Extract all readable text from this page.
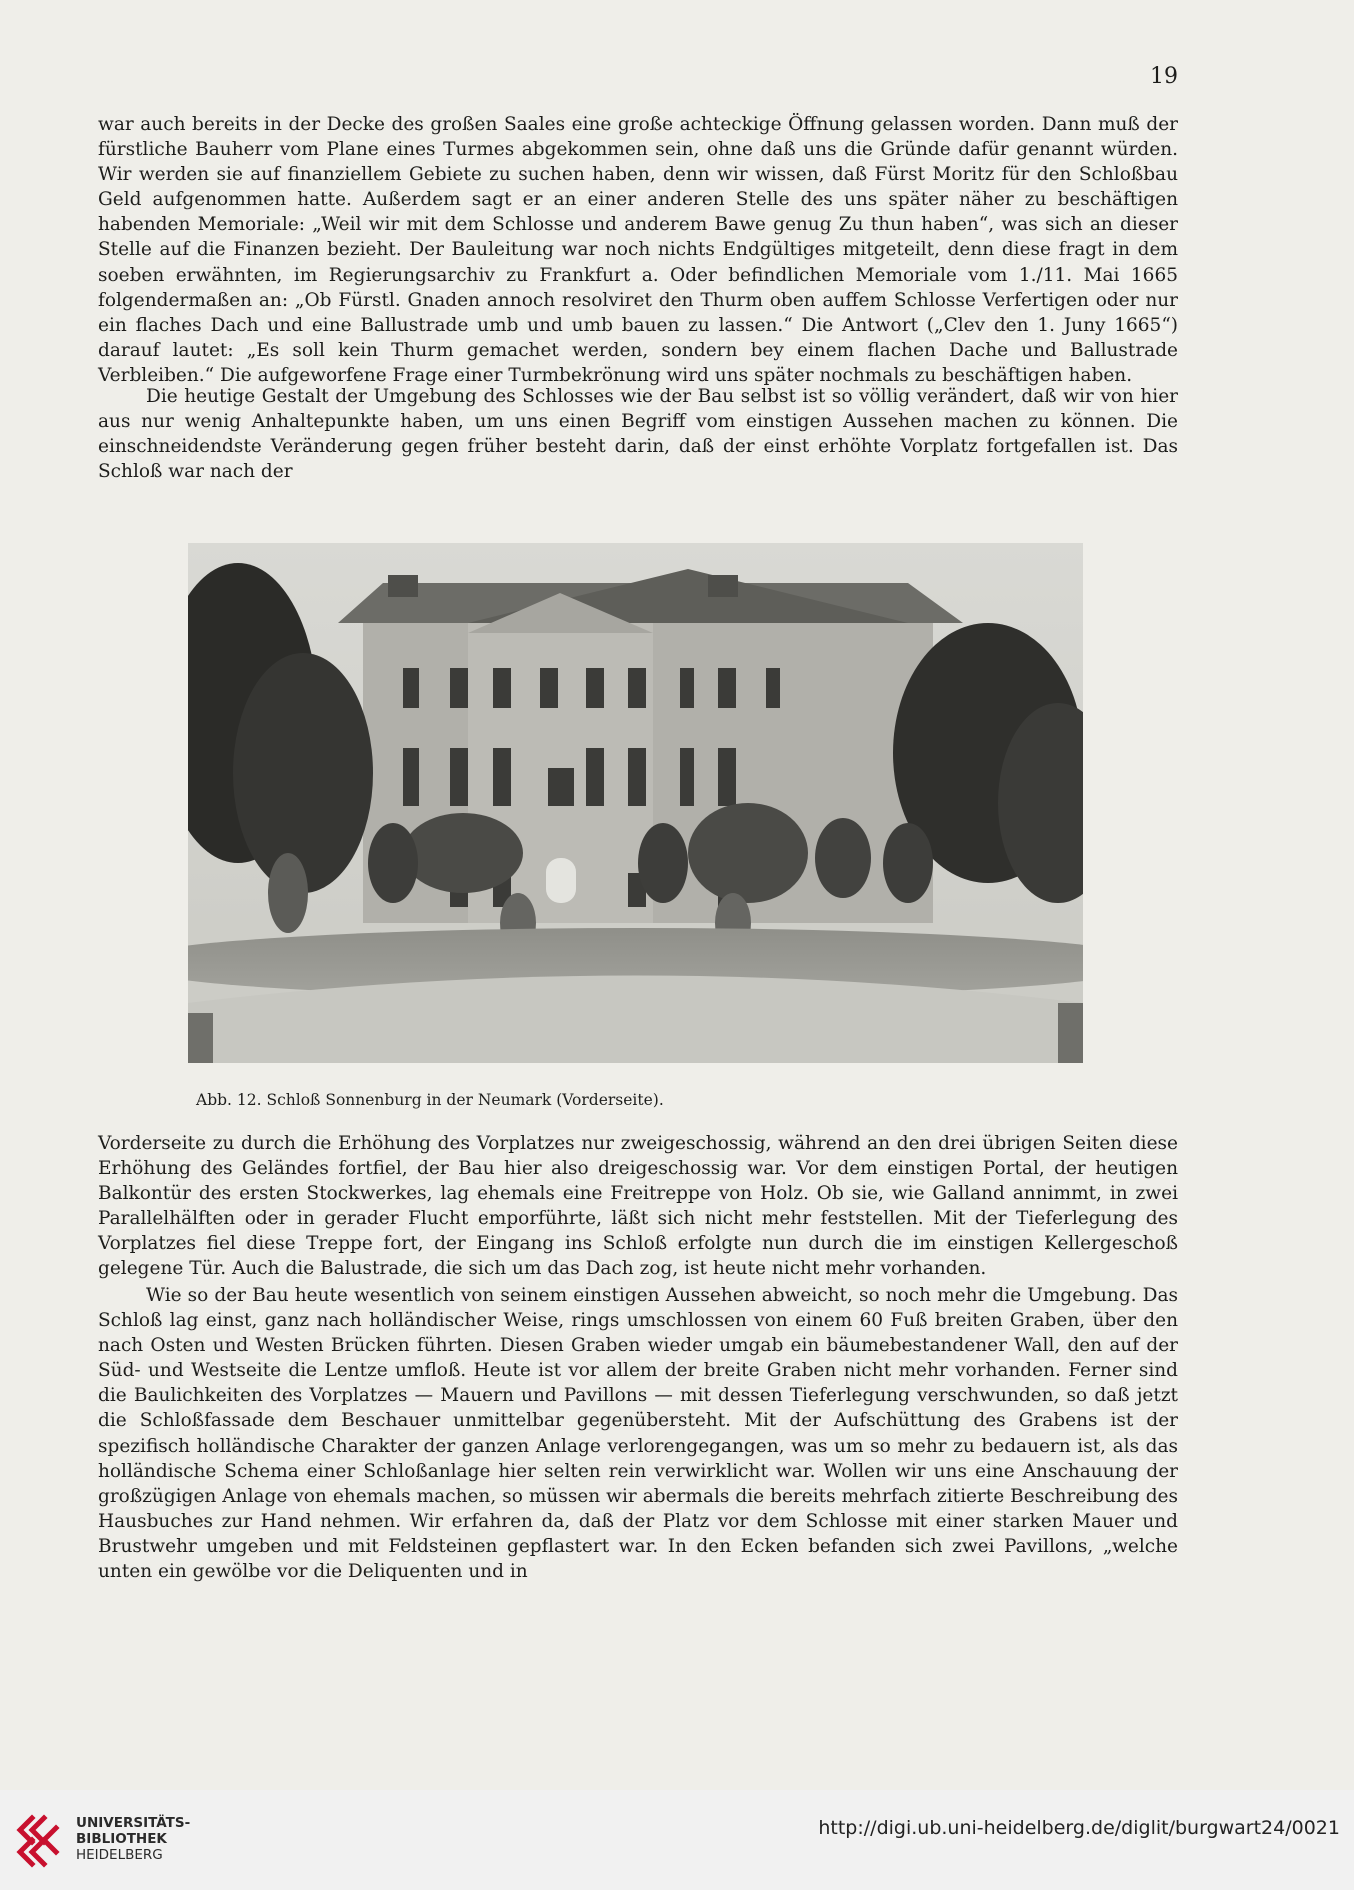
19

war auch bereits in der Decke des großen Saales eine große achteckige Öffnung gelassen worden. Dann muß der fürstliche Bauherr vom Plane eines Turmes abgekommen sein, ohne daß uns die Gründe dafür genannt würden. Wir werden sie auf finanziellem Gebiete zu suchen haben, denn wir wissen, daß Fürst Moritz für den Schloßbau Geld aufgenommen hatte. Außerdem sagt er an einer anderen Stelle des uns später näher zu beschäftigen habenden Memoriale: „Weil wir mit dem Schlosse und anderem Bawe genug Zu thun haben“, was sich an dieser Stelle auf die Finanzen bezieht. Der Bauleitung war noch nichts Endgültiges mitgeteilt, denn diese fragt in dem soeben erwähnten, im Regierungsarchiv zu Frankfurt a. Oder befindlichen Memoriale vom 1./11. Mai 1665 folgendermaßen an: „Ob Fürstl. Gnaden annoch resolviret den Thurm oben auffem Schlosse Verfertigen oder nur ein flaches Dach und eine Ballustrade umb und umb bauen zu lassen.“ Die Antwort („Clev den 1. Juny 1665“) darauf lautet: „Es soll kein Thurm gemachet werden, sondern bey einem flachen Dache und Ballustrade Verbleiben.“ Die aufgeworfene Frage einer Turmbekrönung wird uns später nochmals zu beschäftigen haben.

Die heutige Gestalt der Umgebung des Schlosses wie der Bau selbst ist so völlig verändert, daß wir von hier aus nur wenig Anhaltepunkte haben, um uns einen Begriff vom einstigen Aussehen machen zu können. Die einschneidendste Veränderung gegen früher besteht darin, daß der einst erhöhte Vorplatz fortgefallen ist. Das Schloß war nach der

Abb. 12. Schloß Sonnenburg in der Neumark (Vorderseite).

Vorderseite zu durch die Erhöhung des Vorplatzes nur zweigeschossig, während an den drei übrigen Seiten diese Erhöhung des Geländes fortfiel, der Bau hier also dreigeschossig war. Vor dem einstigen Portal, der heutigen Balkontür des ersten Stockwerkes, lag ehemals eine Freitreppe von Holz. Ob sie, wie Galland annimmt, in zwei Parallelhälften oder in gerader Flucht emporführte, läßt sich nicht mehr feststellen. Mit der Tieferlegung des Vorplatzes fiel diese Treppe fort, der Eingang ins Schloß erfolgte nun durch die im einstigen Kellergeschoß gelegene Tür. Auch die Balustrade, die sich um das Dach zog, ist heute nicht mehr vorhanden.

Wie so der Bau heute wesentlich von seinem einstigen Aussehen abweicht, so noch mehr die Umgebung. Das Schloß lag einst, ganz nach holländischer Weise, rings umschlossen von einem 60 Fuß breiten Graben, über den nach Osten und Westen Brücken führten. Diesen Graben wieder umgab ein bäumebestandener Wall, den auf der Süd- und Westseite die Lentze umfloß. Heute ist vor allem der breite Graben nicht mehr vorhanden. Ferner sind die Baulichkeiten des Vorplatzes — Mauern und Pavillons — mit dessen Tieferlegung verschwunden, so daß jetzt die Schloßfassade dem Beschauer unmittelbar gegenübersteht. Mit der Aufschüttung des Grabens ist der spezifisch holländische Charakter der ganzen Anlage verlorengegangen, was um so mehr zu bedauern ist, als das holländische Schema einer Schloßanlage hier selten rein verwirklicht war. Wollen wir uns eine Anschauung der großzügigen Anlage von ehemals machen, so müssen wir abermals die bereits mehrfach zitierte Beschreibung des Hausbuches zur Hand nehmen. Wir erfahren da, daß der Platz vor dem Schlosse mit einer starken Mauer und Brustwehr umgeben und mit Feldsteinen gepflastert war. In den Ecken befanden sich zwei Pavillons, „welche unten ein gewölbe vor die Deliquenten und in

UNIVERSITÄTS-
BIBLIOTHEK
HEIDELBERG
http://digi.ub.uni-heidelberg.de/diglit/burgwart24/0021
